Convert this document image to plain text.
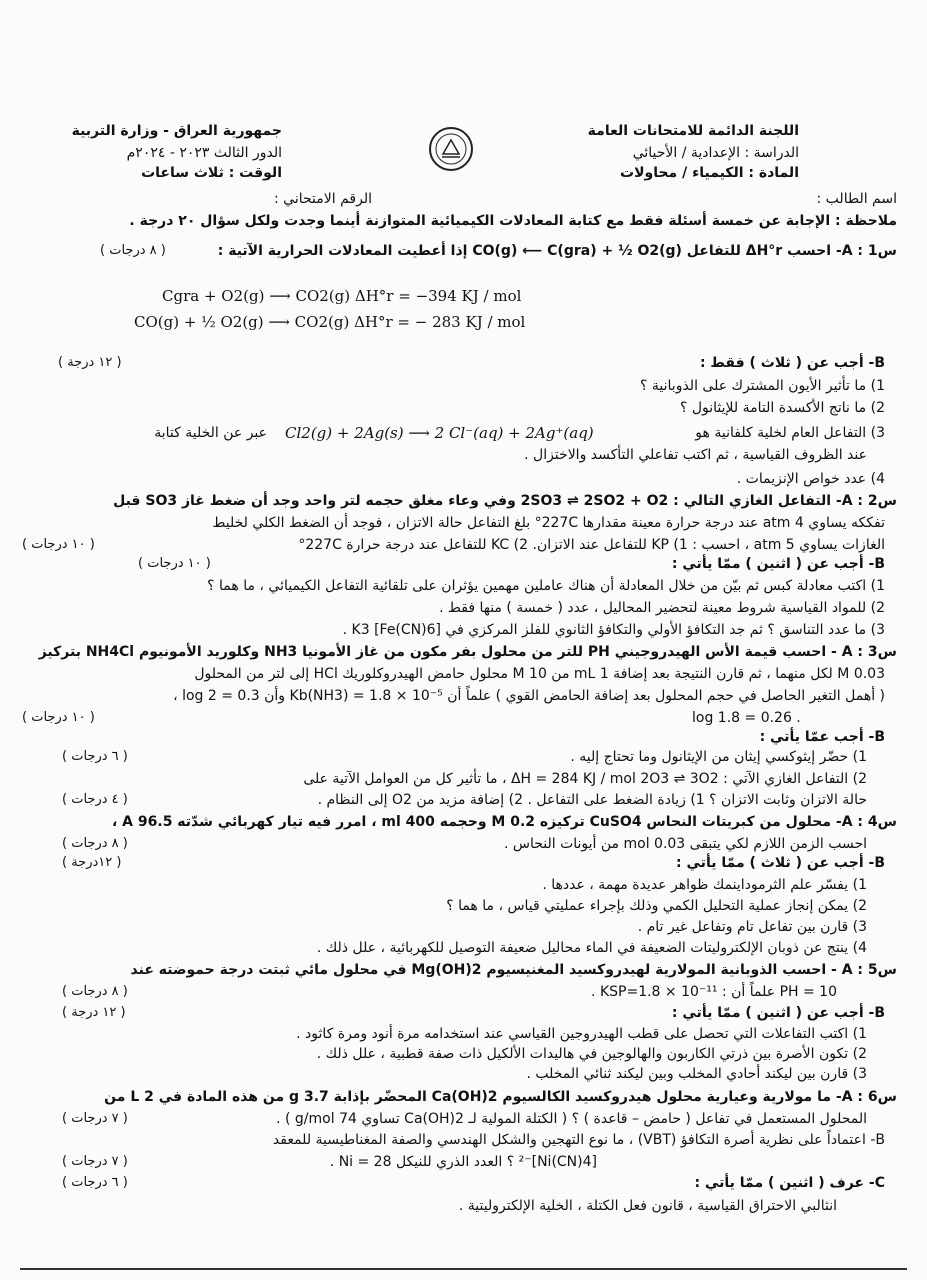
اللجنة الدائمة للامتحانات العامة
الدراسة : الإعدادية / الأحيائي
المادة : الكيمياء / محاولات
جمهورية العراق - وزارة التربية
الدور الثالث ٢٠٢٣ - ٢٠٢٤م
الوقت : ثلاث ساعات
اسم الطالب :
الرقم الامتحاني :
ملاحظة : الإجابة عن خمسة أسئلة فقط مع كتابة المعادلات الكيميائية المتوازنة أينما وجدت ولكل سؤال ٢٠ درجة .
س1 : A- احسب ΔH°r للتفاعل CO(g) ⟵ C(gra) + ½ O2(g) إذا أعطيت المعادلات الحرارية الآتية :
( ٨ درجات )
Cgra + O2(g) ⟶ CO2(g) ΔH°r = −394 KJ / mol
CO(g) + ½ O2(g) ⟶ CO2(g) ΔH°r = − 283 KJ / mol
B- أجب عن ( ثلاث ) فقط :
( ١٢ درجة )
1) ما تأثير الأيون المشترك على الذوبانية ؟
2) ما ناتج الأكسدة التامة للإيثانول ؟
3) التفاعل العام لخلية كلفانية هو
Cl2(g) + 2Ag(s) ⟶ 2 Cl⁻(aq) + 2Ag⁺(aq)
عبر عن الخلية كتابة
عند الظروف القياسية ، ثم اكتب تفاعلي التأكسد والاختزال .
4) عدد خواص الإنزيمات .
س2 : A- التفاعل الغازي التالي : 2SO3 ⇌ 2SO2 + O2 وفي وعاء مغلق حجمه لتر واحد وجد أن ضغط غاز SO3 قبل
تفككه يساوي 4 atm عند درجة حرارة معينة مقدارها 227C° بلغ التفاعل حالة الاتزان ، فوجد أن الضغط الكلي لخليط
الغازات يساوي 5 atm ، احسب : 1) KP للتفاعل عند الاتزان. 2) KC للتفاعل عند درجة حرارة 227C°
( ١٠ درجات )
B- أجب عن ( اثنين ) ممّا يأتي :
( ١٠ درجات )
1) اكتب معادلة كبس ثم بيّن من خلال المعادلة أن هناك عاملين مهمين يؤثران على تلقائية التفاعل الكيميائي ، ما هما ؟
2) للمواد القياسية شروط معينة لتحضير المحاليل ، عدد ( خمسة ) منها فقط .
3) ما عدد التناسق ؟ ثم جد التكافؤ الأولي والتكافؤ الثانوي للفلز المركزي في K3 [Fe(CN)6] .
س3 : A - احسب قيمة الأس الهيدروجيني PH للتر من محلول بفر مكون من غاز الأمونيا NH3 وكلوريد الأمونيوم NH4Cl بتركيز
0.03 M لكل منهما ، ثم قارن النتيجة بعد إضافة 1 mL من 10 M محلول حامض الهيدروكلوريك HCl إلى لتر من المحلول
( أهمل التغير الحاصل في حجم المحلول بعد إضافة الحامض القوي ) علماً أن Kb(NH3) = 1.8 × 10⁻⁵ وأن log 2 = 0.3 ،
log 1.8 = 0.26 .
( ١٠ درجات )
B- أجب عمّا يأتي :
1) حضّر إيثوكسي إيثان من الإيثانول وما تحتاج إليه .
( ٦ درجات )
2) التفاعل الغازي الآتي : ΔH = 284 KJ / mol 2O3 ⇌ 3O2 ، ما تأثير كل من العوامل الآتية على
حالة الاتزان وثابت الاتزان ؟ 1) زيادة الضغط على التفاعل . 2) إضافة مزيد من O2 إلى النظام .
( ٤ درجات )
س4 : A- محلول من كبريتات النحاس CuSO4 تركيزه 0.2 M وحجمه 400 ml ، امرر فيه تيار كهربائي شدّته 96.5 A ،
احسب الزمن اللازم لكي يتبقى 0.03 mol من أيونات النحاس .
( ٨ درجات )
B- أجب عن ( ثلاث ) ممّا يأتي :
( ١٢درجة )
1) يفسّر علم الثرموداينمك ظواهر عديدة مهمة ، عددها .
2) يمكن إنجاز عملية التحليل الكمي وذلك بإجراء عمليتي قياس ، ما هما ؟
3) قارن بين تفاعل تام وتفاعل غير تام .
4) ينتج عن ذوبان الإلكتروليتات الضعيفة في الماء محاليل ضعيفة التوصيل للكهربائية ، علل ذلك .
س5 : A - احسب الذوبانية المولارية لهيدروكسيد المغنيسيوم Mg(OH)2 في محلول مائي ثبتت درجة حموضته عند
PH = 10 علماً أن : KSP=1.8 × 10⁻¹¹ .
( ٨ درجات )
B- أجب عن ( اثنين ) ممّا يأتي :
( ١٢ درجة )
1) اكتب التفاعلات التي تحصل على قطب الهيدروجين القياسي عند استخدامه مرة أنود ومرة كاثود .
2) تكون الأصرة بين ذرتي الكاربون والهالوجين في هاليدات الألكيل ذات صفة قطبية ، علل ذلك .
3) قارن بين ليكند أحادي المخلب وبين ليكند ثنائي المخلب .
س6 : A- ما مولارية وعيارية محلول هيدروكسيد الكالسيوم Ca(OH)2 المحضّر بإذابة 3.7 g من هذه المادة في 2 L من
المحلول المستعمل في تفاعل ( حامض – قاعدة ) ؟ ( الكتلة المولية لـ Ca(OH)2 تساوي 74 g/mol ) .
( ٧ درجات )
B- اعتماداً على نظرية أصرة التكافؤ (VBT) ، ما نوع التهجين والشكل الهندسي والصفة المغناطيسية للمعقد
[Ni(CN)4]⁻² ؟ العدد الذري للنيكل Ni = 28 .
( ٧ درجات )
C- عرف ( اثنين ) ممّا يأتي :
( ٦ درجات )
انثالبي الاحتراق القياسية ، قانون فعل الكتلة ، الخلية الإلكتروليتية .
